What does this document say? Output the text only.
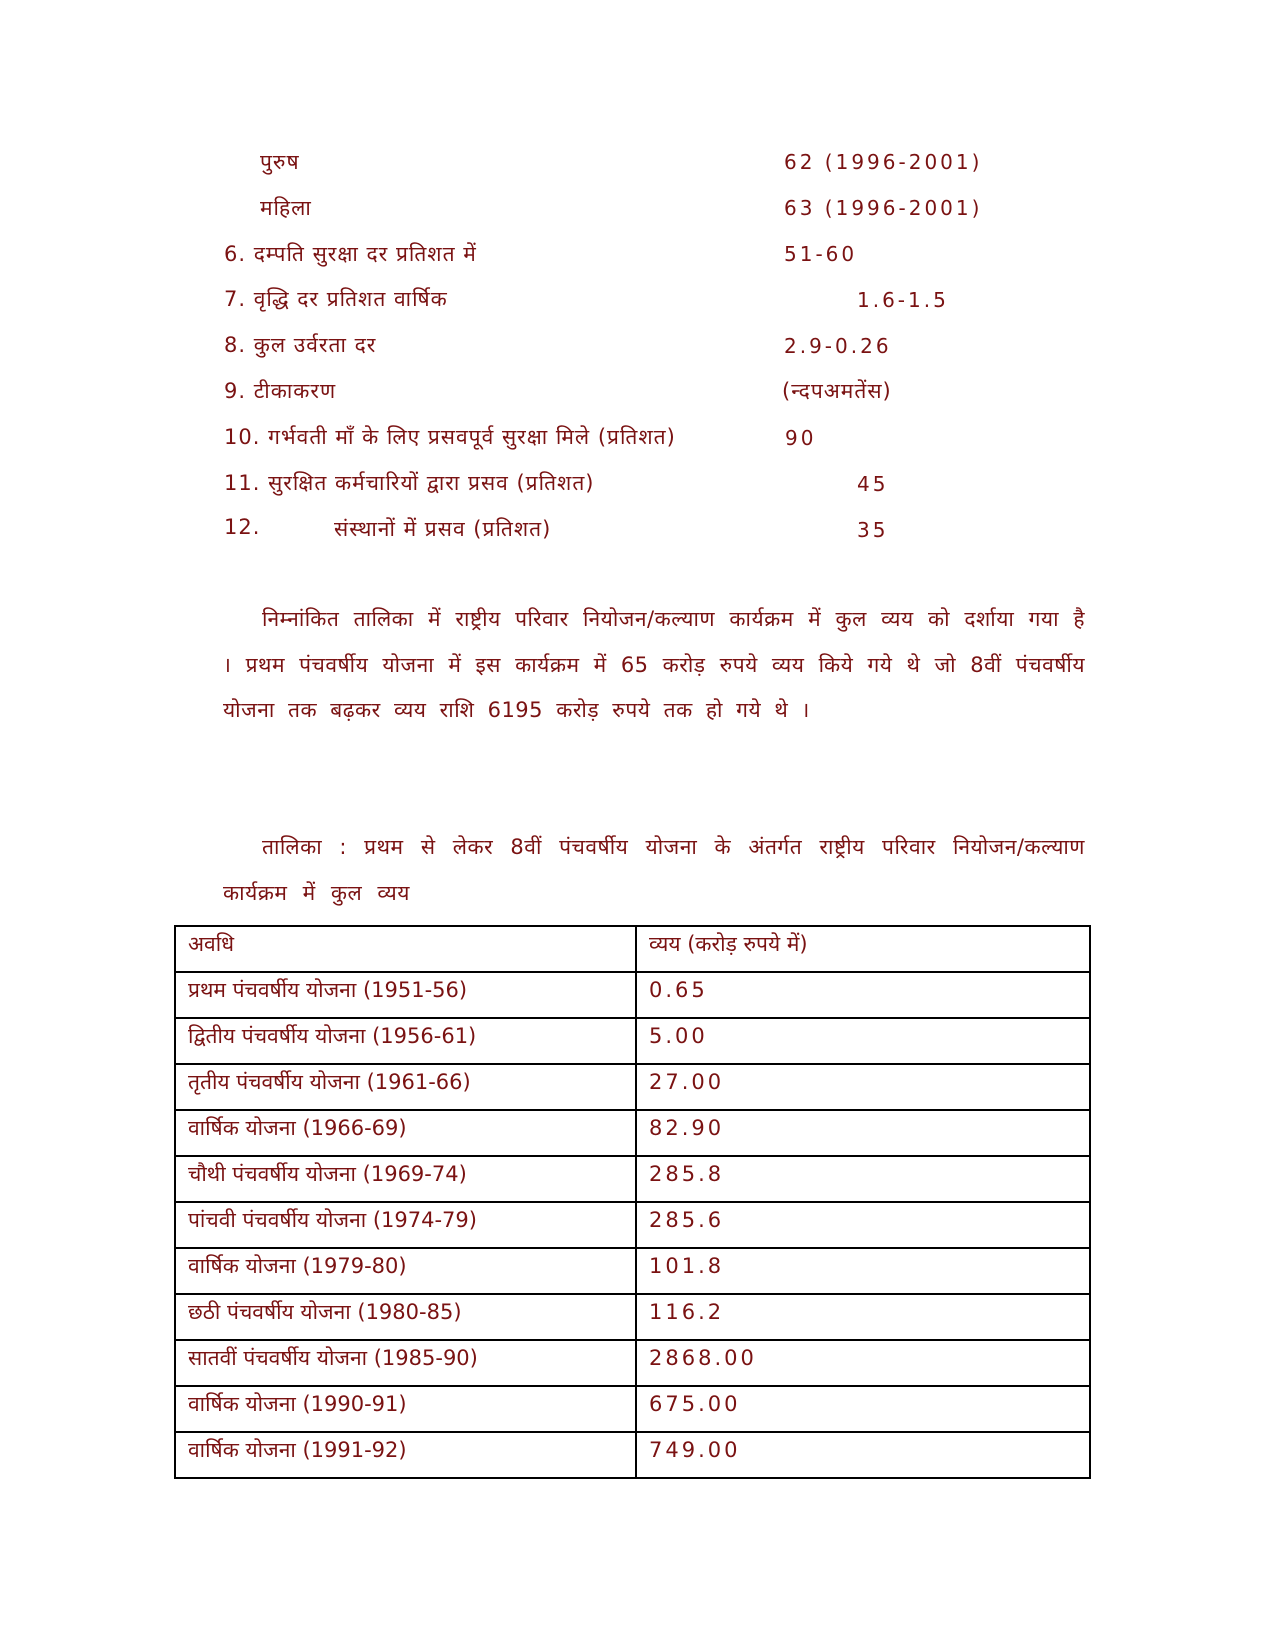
पुरुष	62 (1996-2001)
महिला	63 (1996-2001)
6. दम्पति सुरक्षा दर प्रतिशत में	51-60
7. वृद्धि दर प्रतिशत वार्षिक	1.6-1.5
8. कुल उर्वरता दर	2.9-0.26
9. टीकाकरण	(न्दपअमतेंस)
10. गर्भवती माँ के लिए प्रसवपूर्व सुरक्षा मिले (प्रतिशत)	90
11. सुरक्षित कर्मचारियों द्वारा प्रसव (प्रतिशत)	45
12.	संस्थानों में प्रसव (प्रतिशत)	35

निम्नांकित तालिका में राष्ट्रीय परिवार नियोजन/कल्याण कार्यक्रम में कुल व्यय को दर्शाया गया है । प्रथम पंचवर्षीय योजना में इस कार्यक्रम में 65 करोड़ रुपये व्यय किये गये थे जो 8वीं पंचवर्षीय योजना तक बढ़कर व्यय राशि 6195 करोड़ रुपये तक हो गये थे ।

तालिका : प्रथम से लेकर 8वीं पंचवर्षीय योजना के अंतर्गत राष्ट्रीय परिवार नियोजन/कल्याण कार्यक्रम में कुल व्यय

अवधि	व्यय (करोड़ रुपये में)
प्रथम पंचवर्षीय योजना (1951-56)	0.65
द्वितीय पंचवर्षीय योजना (1956-61)	5.00
तृतीय पंचवर्षीय योजना (1961-66)	27.00
वार्षिक योजना (1966-69)	82.90
चौथी पंचवर्षीय योजना (1969-74)	285.8
पांचवी पंचवर्षीय योजना (1974-79)	285.6
वार्षिक योजना (1979-80)	101.8
छठी पंचवर्षीय योजना (1980-85)	116.2
सातवीं पंचवर्षीय योजना (1985-90)	2868.00
वार्षिक योजना (1990-91)	675.00
वार्षिक योजना (1991-92)	749.00
